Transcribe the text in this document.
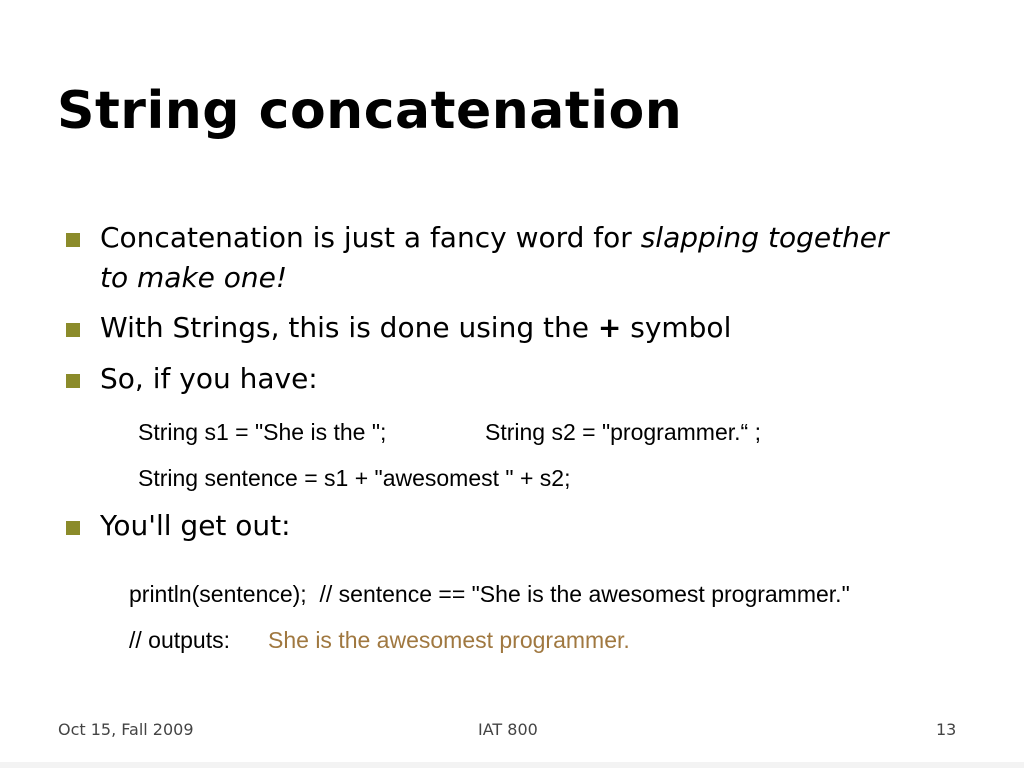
String concatenation
Concatenation is just a fancy word for slapping together
to make one!
With Strings, this is done using the + symbol
So, if you have:
You'll get out:
String s1 = "She is the ";	String s2 = "programmer.“ ;
String sentence = s1 + "awesomest " + s2;
println(sentence);  // sentence == "She is the awesomest programmer."
// outputs: She is the awesomest programmer.
Oct 15, Fall 2009	IAT 800	13
